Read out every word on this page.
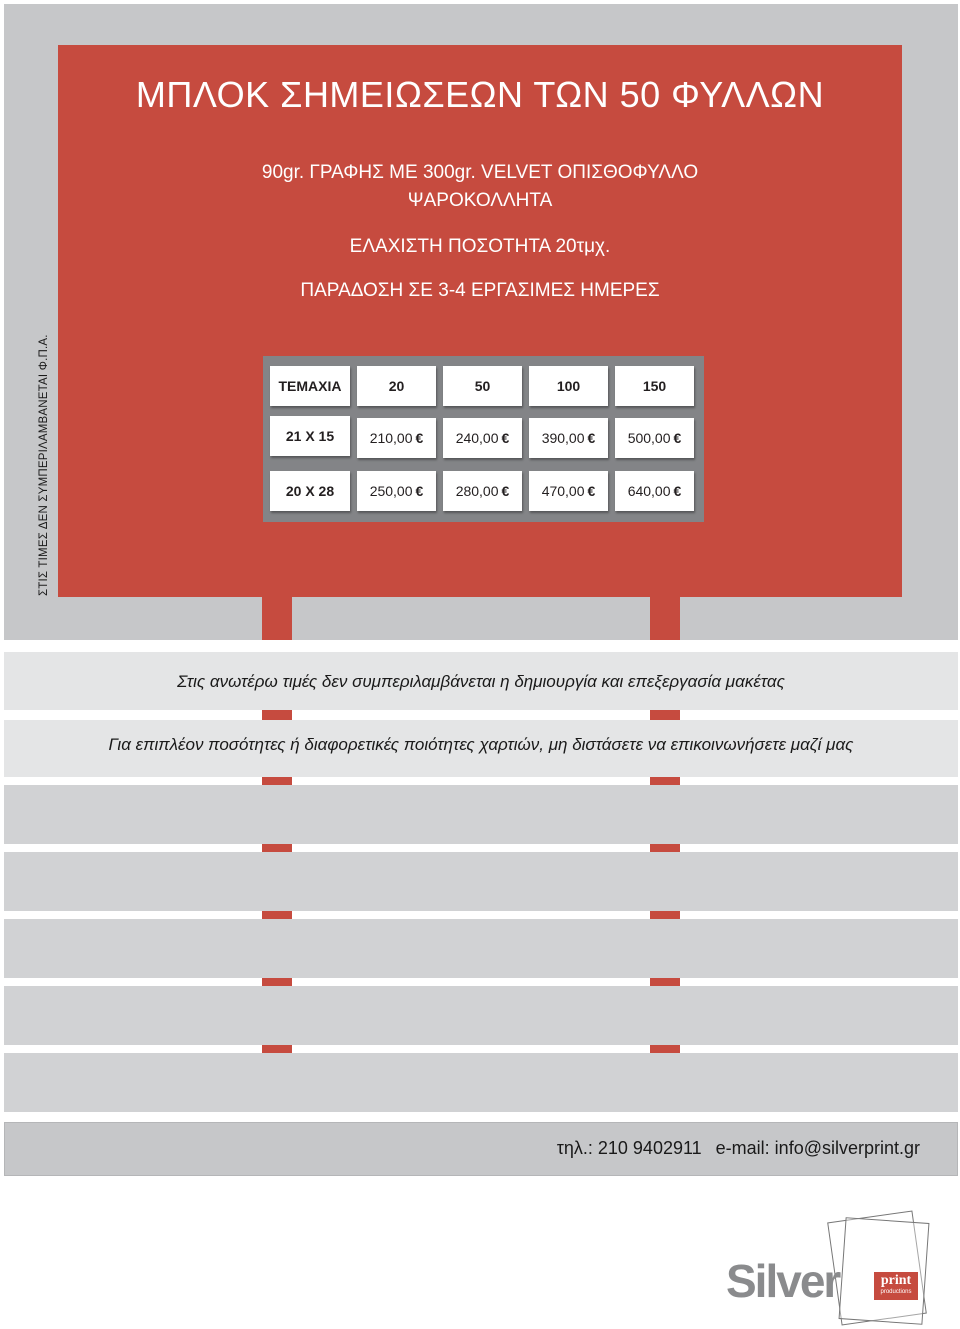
ΜΠΛΟΚ ΣΗΜΕΙΩΣΕΩΝ ΤΩΝ 50 ΦΥΛΛΩΝ
90gr. ΓΡΑΦΗΣ ΜΕ 300gr. VELVET ΟΠΙΣΘΟΦΥΛΛΟ
ΨΑΡΟΚΟΛΛΗΤΑ
ΕΛΑΧΙΣΤΗ ΠΟΣΟΤΗΤΑ 20τμχ.
ΠΑΡΑΔΟΣΗ ΣΕ 3-4 ΕΡΓΑΣΙΜΕΣ ΗΜΕΡΕΣ
ΣΤΙΣ ΤΙΜΕΣ ΔΕΝ ΣΥΜΠΕΡΙΛΑΜΒΑΝΕΤΑΙ Φ.Π.Α.	ΤΕΜΑΧΙΑ	20	50	100	150
21 Χ 15	210,00 € 240,00 € 390,00 € 500,00 €
20 Χ 28	250,00 € 280,00 € 470,00 € 640,00 €
Στις ανωτέρω τιμές δεν συμπεριλαμβάνεται η δημιουργία και επεξεργασία μακέτας
Για επιπλέον ποσότητες ή διαφορετικές ποιότητες χαρτιών, μη διστάσετε να επικοινωνήσετε μαζί μας
τηλ.: 210 9402911 e-mail: info@silverprint.gr
Silver	print
productions
